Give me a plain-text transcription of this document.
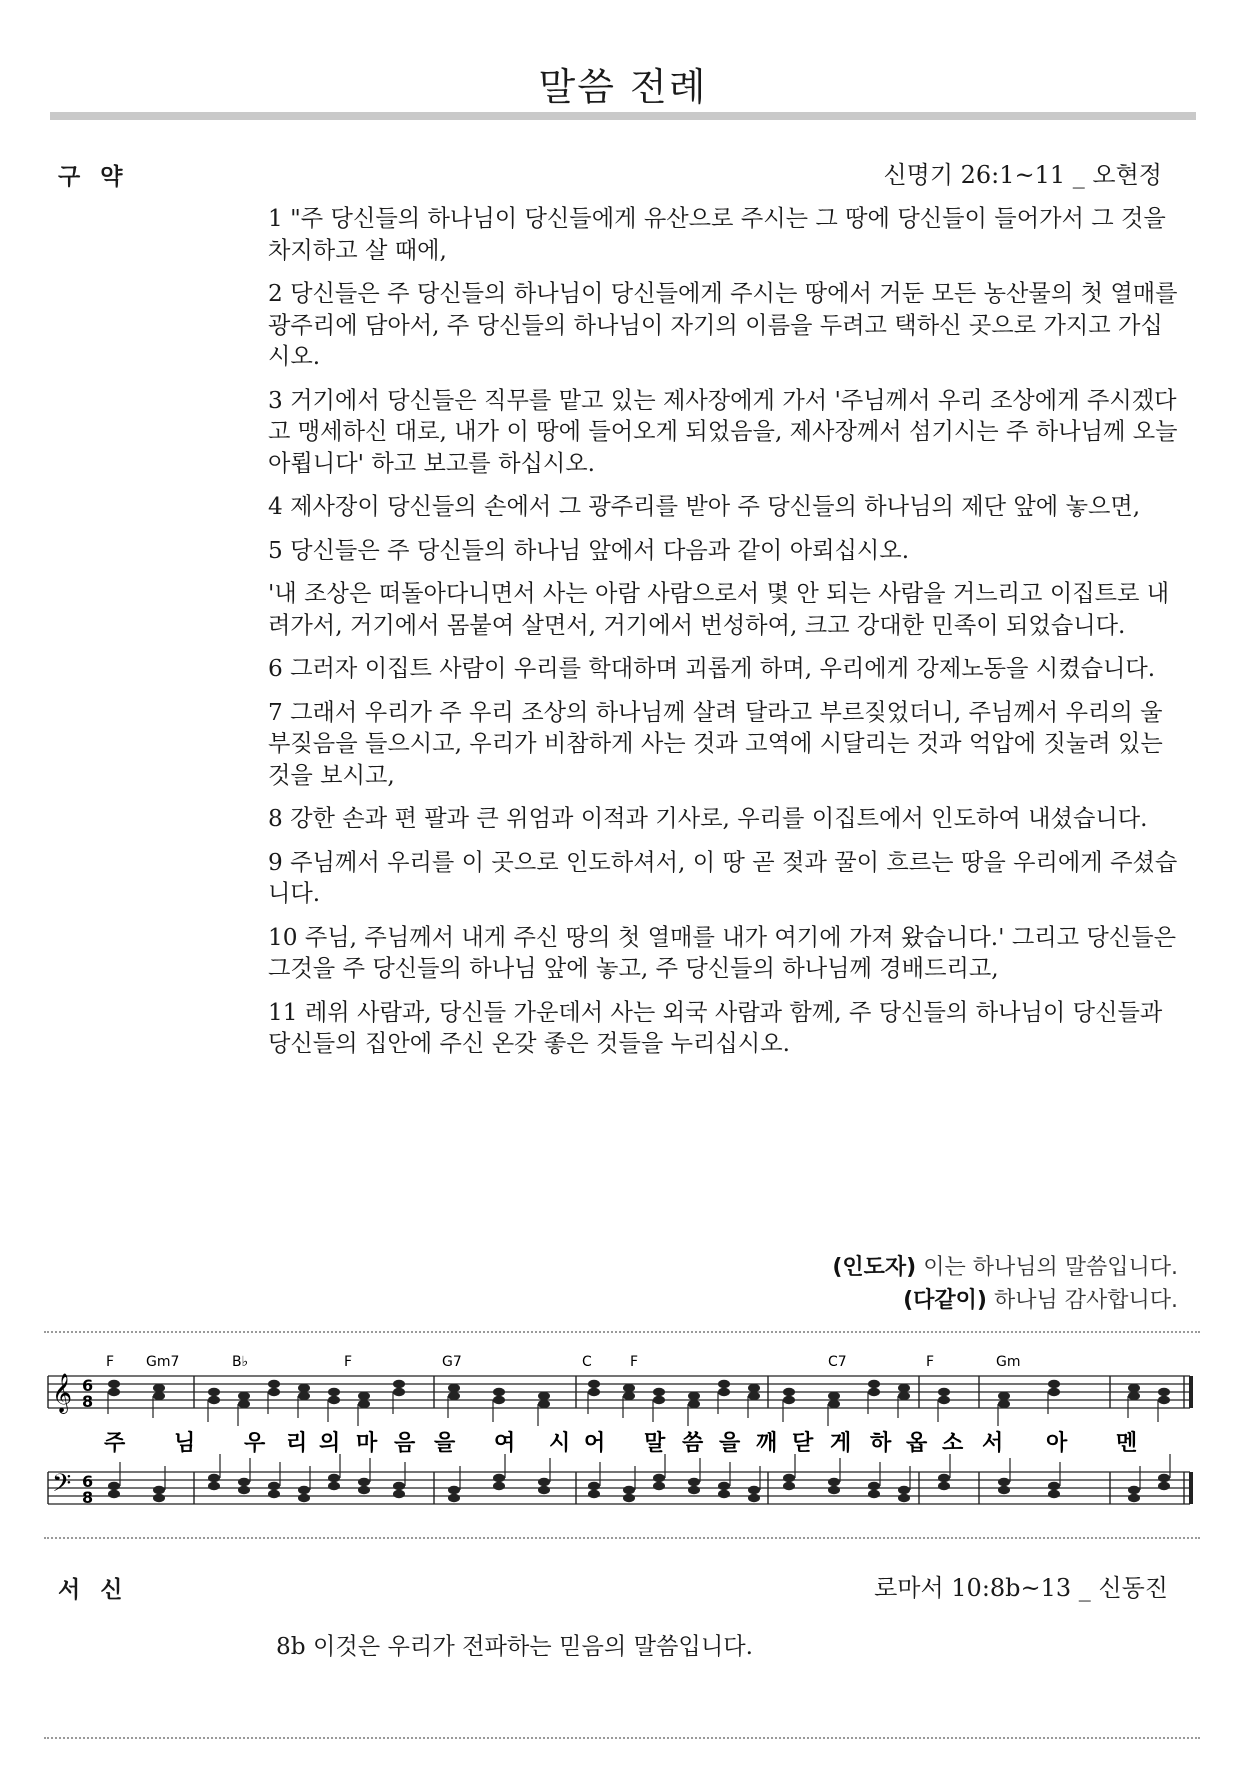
말씀 전례
구 약	신명기 26:1~11 _ 오현정

1 "주 당신들의 하나님이 당신들에게 유산으로 주시는 그 땅에 당신들이 들어가서 그 것을 차지하고 살 때에,

2 당신들은 주 당신들의 하나님이 당신들에게 주시는 땅에서 거둔 모든 농산물의 첫 열매를 광주리에 담아서, 주 당신들의 하나님이 자기의 이름을 두려고 택하신 곳으로 가지고 가십시오.

3 거기에서 당신들은 직무를 맡고 있는 제사장에게 가서 '주님께서 우리 조상에게 주시겠다고 맹세하신 대로, 내가 이 땅에 들어오게 되었음을, 제사장께서 섬기시는 주 하나님께 오늘 아룁니다' 하고 보고를 하십시오.

4 제사장이 당신들의 손에서 그 광주리를 받아 주 당신들의 하나님의 제단 앞에 놓으면,

5 당신들은 주 당신들의 하나님 앞에서 다음과 같이 아뢰십시오.

'내 조상은 떠돌아다니면서 사는 아람 사람으로서 몇 안 되는 사람을 거느리고 이집트로 내려가서, 거기에서 몸붙여 살면서, 거기에서 번성하여, 크고 강대한 민족이 되었습니다.

6 그러자 이집트 사람이 우리를 학대하며 괴롭게 하며, 우리에게 강제노동을 시켰습니다.

7 그래서 우리가 주 우리 조상의 하나님께 살려 달라고 부르짖었더니, 주님께서 우리의 울부짖음을 들으시고, 우리가 비참하게 사는 것과 고역에 시달리는 것과 억압에 짓눌려 있는 것을 보시고,

8 강한 손과 편 팔과 큰 위엄과 이적과 기사로, 우리를 이집트에서 인도하여 내셨습니다.

9 주님께서 우리를 이 곳으로 인도하셔서, 이 땅 곧 젖과 꿀이 흐르는 땅을 우리에게 주셨습니다.

10 주님, 주님께서 내게 주신 땅의 첫 열매를 내가 여기에 가져 왔습니다.' 그리고 당신들은 그것을 주 당신들의 하나님 앞에 놓고, 주 당신들의 하나님께 경배드리고,

11 레위 사람과, 당신들 가운데서 사는 외국 사람과 함께, 주 당신들의 하나님이 당신들과 당신들의 집안에 주신 온갖 좋은 것들을 누리십시오.

(인도자) 이는 하나님의 말씀입니다.
(다같이) 하나님 감사합니다.
𝄞 6
8
𝄢 6
8
F Gm7	B♭	F	G7	C	F	C7	F	Gm
주 님 우 리 의 마 음 을 여 시 어 말 씀 을 깨 닫 게 하 옵 소 서 아 멘
서 신	로마서 10:8b~13 _ 신동진
8b 이것은 우리가 전파하는 믿음의 말씀입니다.
